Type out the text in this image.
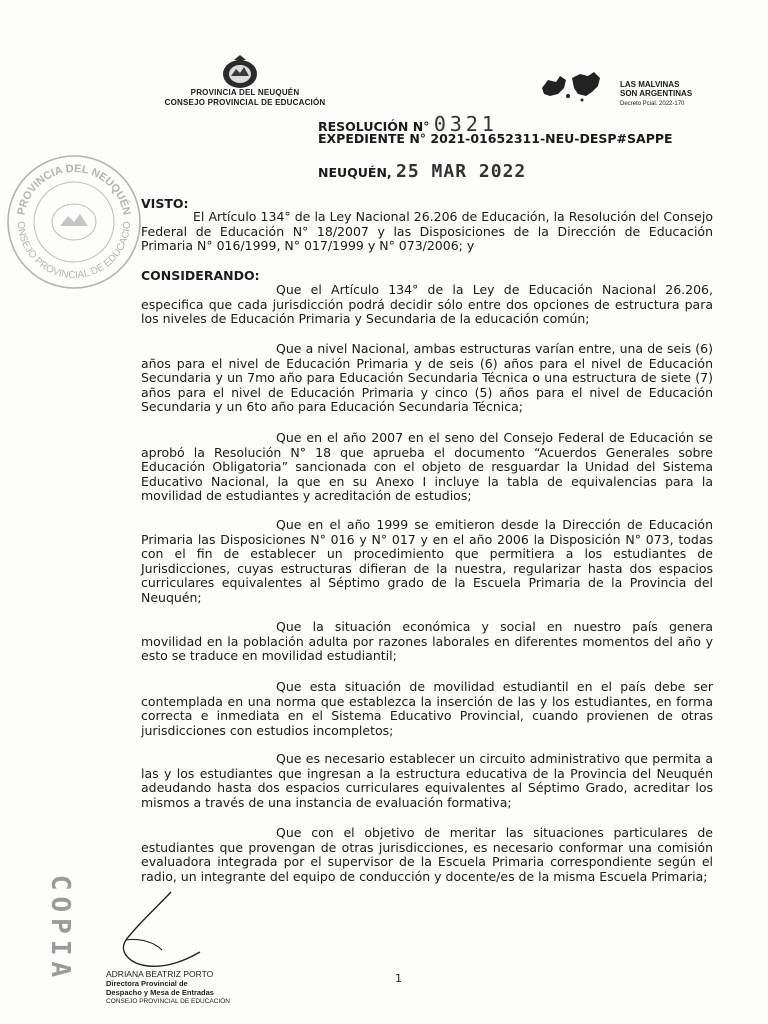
PROVINCIA DEL NEUQUÉN
CONSEJO PROVINCIAL DE EDUCACIÓN
LAS MALVINAS
SON ARGENTINAS
Decreto Pcial. 2022-170
RESOLUCIÓN N° 0321
EXPEDIENTE N° 2021-01652311-NEU-DESP#SAPPE
NEUQUÉN, 25 MAR 2022
PROVINCIA DEL NEUQUÉN
ONSEJO PROVINCIAL DE EDUCACIÓ
VISTO:
El Artículo 134° de la Ley Nacional 26.206 de Educación, la Resolución del Consejo Federal de Educación N° 18/2007 y las Disposiciones de la Dirección de Educación Primaria N° 016/1999, N° 017/1999 y N° 073/2006; y
CONSIDERANDO:
Que el Artículo 134° de la Ley de Educación Nacional 26.206, especifica que cada jurisdicción podrá decidir sólo entre dos opciones de estructura para los niveles de Educación Primaria y Secundaria de la educación común;
Que a nivel Nacional, ambas estructuras varían entre, una de seis (6) años para el nivel de Educación Primaria y de seis (6) años para el nivel de Educación Secundaria y un 7mo año para Educación Secundaria Técnica o una estructura de siete (7) años para el nivel de Educación Primaria y cinco (5) años para el nivel de Educación Secundaria y un 6to año para Educación Secundaria Técnica;
Que en el año 2007 en el seno del Consejo Federal de Educación se aprobó la Resolución N° 18 que aprueba el documento “Acuerdos Generales sobre Educación Obligatoria” sancionada con el objeto de resguardar la Unidad del Sistema Educativo Nacional, la que en su Anexo I incluye la tabla de equivalencias para la movilidad de estudiantes y acreditación de estudios;
Que en el año 1999 se emitieron desde la Dirección de Educación Primaria las Disposiciones N° 016 y N° 017 y en el año 2006 la Disposición N° 073, todas con el fin de establecer un procedimiento que permitiera a los estudiantes de Jurisdicciones, cuyas estructuras difieran de la nuestra, regularizar hasta dos espacios curriculares equivalentes al Séptimo grado de la Escuela Primaria de la Provincia del Neuquén;
Que la situación económica y social en nuestro país genera movilidad en la población adulta por razones laborales en diferentes momentos del año y esto se traduce en movilidad estudiantil;
Que esta situación de movilidad estudiantil en el país debe ser contemplada en una norma que establezca la inserción de las y los estudiantes, en forma correcta e inmediata en el Sistema Educativo Provincial, cuando provienen de otras jurisdicciones con estudios incompletos;
Que es necesario establecer un circuito administrativo que permita a las y los estudiantes que ingresan a la estructura educativa de la Provincia del Neuquén adeudando hasta dos espacios curriculares equivalentes al Séptimo Grado, acreditar los mismos a través de una instancia de evaluación formativa;
Que con el objetivo de meritar las situaciones particulares de estudiantes que provengan de otras jurisdicciones, es necesario conformar una comisión evaluadora integrada por el supervisor de la Escuela Primaria correspondiente según el radio, un integrante del equipo de conducción y docente/es de la misma Escuela Primaria;
COPIA	ADRIANA BEATRIZ PORTO
Directora Provincial de
Despacho y Mesa de Entradas
CONSEJO PROVINCIAL DE EDUCACIÓN
1
